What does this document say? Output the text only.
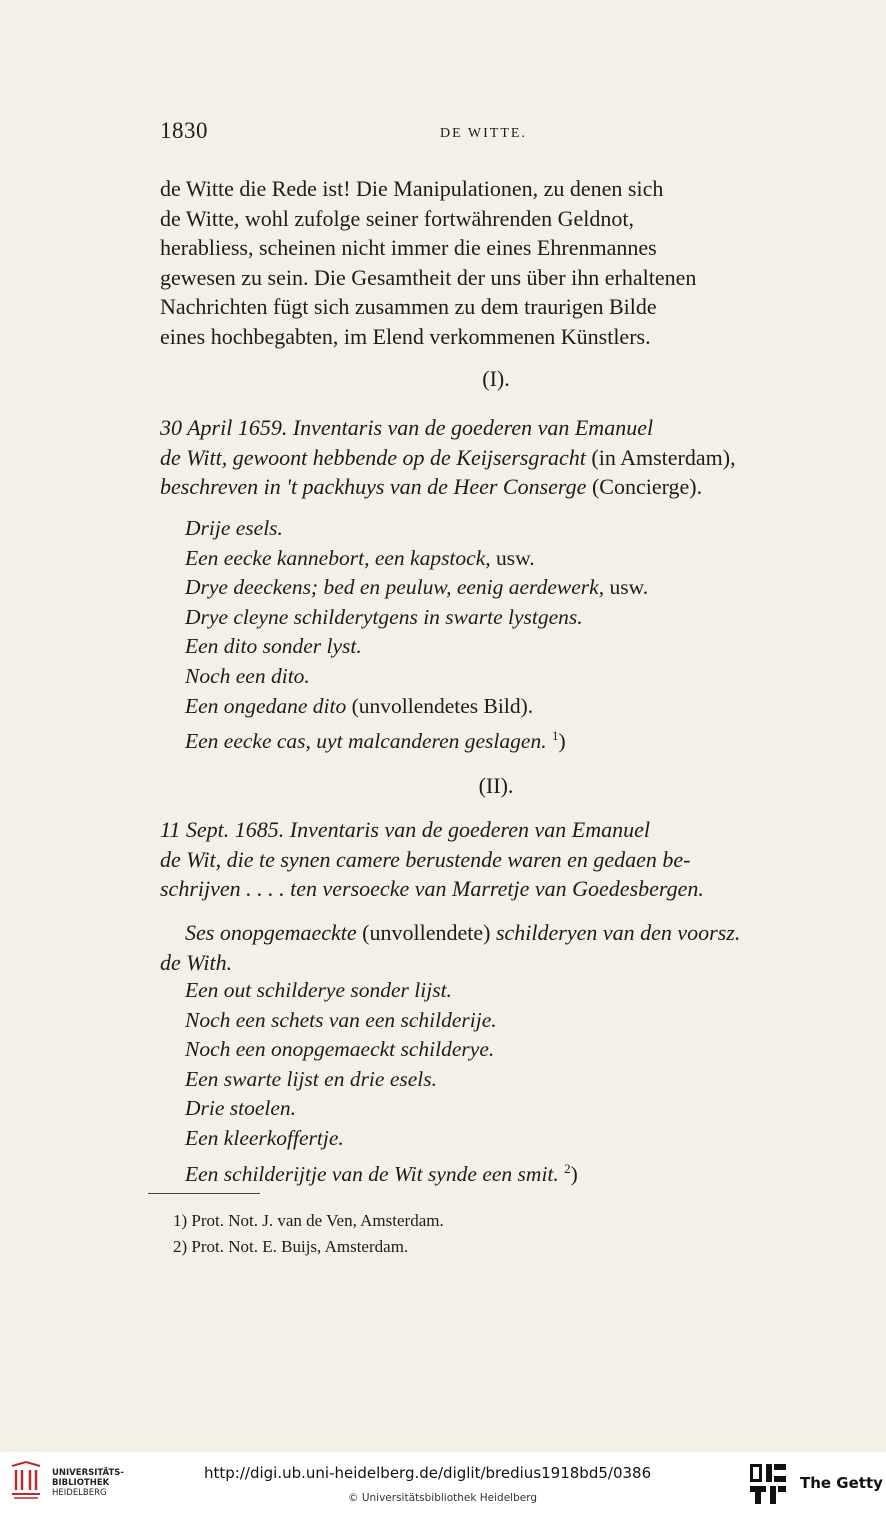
1830	DE WITTE.
de Witte die Rede ist! Die Manipulationen, zu denen sich
de Witte, wohl zufolge seiner fortwährenden Geldnot,
herabliess, scheinen nicht immer die eines Ehrenmannes
gewesen zu sein. Die Gesamtheit der uns über ihn erhaltenen
Nachrichten fügt sich zusammen zu dem traurigen Bilde
eines hochbegabten, im Elend verkommenen Künstlers.
(I).
30 April 1659. Inventaris van de goederen van Emanuel
de Witt, gewoont hebbende op de Keijsersgracht (in Amsterdam),
beschreven in 't packhuys van de Heer Conserge (Concierge).
Drije esels.
Een eecke kannebort, een kapstock, usw.
Drye deeckens; bed en peuluw, eenig aerdewerk, usw.
Drye cleyne schilderytgens in swarte lystgens.
Een dito sonder lyst.
Noch een dito.
Een ongedane dito (unvollendetes Bild).
Een eecke cas, uyt malcanderen geslagen. $^1$)
(II).
11 Sept. 1685. Inventaris van de goederen van Emanuel
de Wit, die te synen camere berustende waren en gedaen be-
schrijven . . . . ten versoecke van Marretje van Goedesbergen.
Ses onopgemaeckte (unvollendete) schilderyen van den voorsz.
de With.
Een out schilderye sonder lijst.
Noch een schets van een schilderije.
Noch een onopgemaeckt schilderye.
Een swarte lijst en drie esels.
Drie stoelen.
Een kleerkoffertje.
Een schilderijtje van de Wit synde een smit. $^2$)
1) Prot. Not. J. van de Ven, Amsterdam.
2) Prot. Not. E. Buijs, Amsterdam.
UNIVERSITÄTS-
BIBLIOTHEK
HEIDELBERG
http://digi.ub.uni-heidelberg.de/diglit/bredius1918bd5/0386
© Universitätsbibliothek Heidelberg
The Getty
